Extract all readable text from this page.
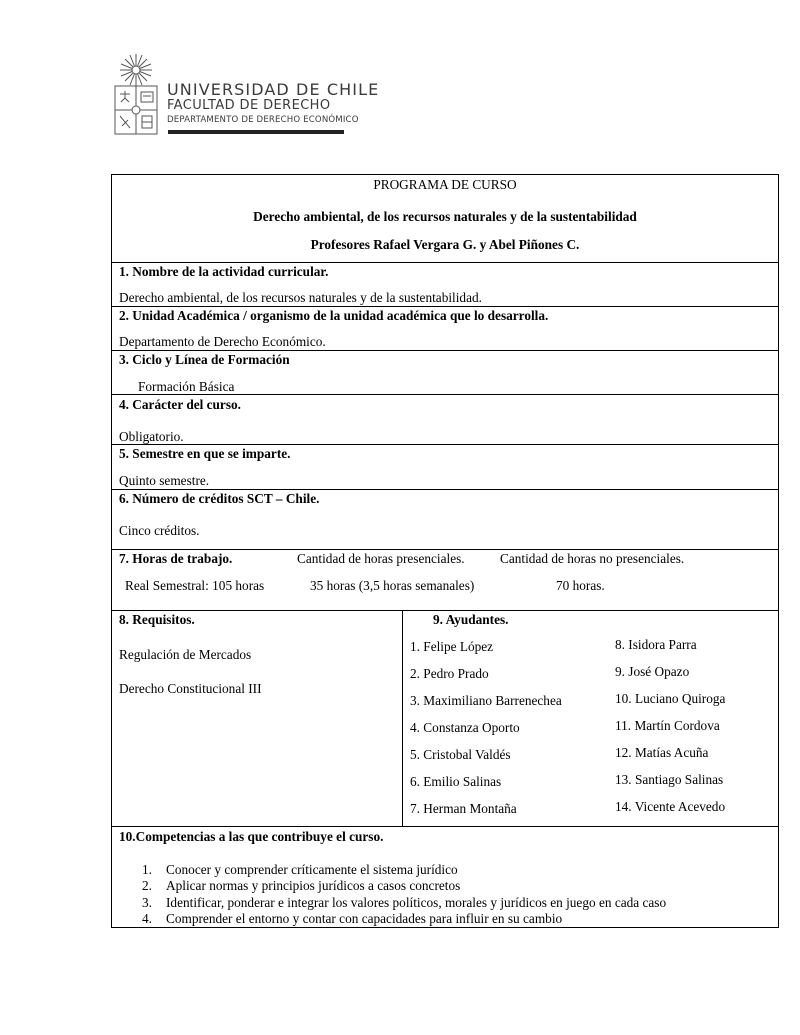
UNIVERSIDAD DE CHILE
FACULTAD DE DERECHO
DEPARTAMENTO DE DERECHO ECONÓMICO
PROGRAMA DE CURSO
Derecho ambiental, de los recursos naturales y de la sustentabilidad
Profesores Rafael Vergara G. y Abel Piñones C.
1. Nombre de la actividad curricular.
Derecho ambiental, de los recursos naturales y de la sustentabilidad.
2. Unidad Académica / organismo de la unidad académica que lo desarrolla.
Departamento de Derecho Económico.
3. Ciclo y Línea de Formación
Formación Básica
4. Carácter del curso.
Obligatorio.
5. Semestre en que se imparte.
Quinto semestre.
6. Número de créditos SCT – Chile.
Cinco créditos.
7. Horas de trabajo.	Cantidad de horas presenciales.	Cantidad de horas no presenciales.
Real Semestral: 105 horas	35 horas (3,5 horas semanales)	70 horas.
8. Requisitos.
Regulación de Mercados
Derecho Constitucional III
9. Ayudantes.
1. Felipe López
2. Pedro Prado
3. Maximiliano Barrenechea
4. Constanza Oporto
5. Cristobal Valdés
6. Emilio Salinas
7. Herman Montaña
8. Isidora Parra
9. José Opazo
10. Luciano Quiroga
11. Martín Cordova
12. Matías Acuña
13. Santiago Salinas
14. Vicente Acevedo
10.Competencias a las que contribuye el curso.
1. Conocer y comprender críticamente el sistema jurídico
2. Aplicar normas y principios jurídicos a casos concretos
3. Identificar, ponderar e integrar los valores políticos, morales y jurídicos en juego en cada caso
4. Comprender el entorno y contar con capacidades para influir en su cambio
